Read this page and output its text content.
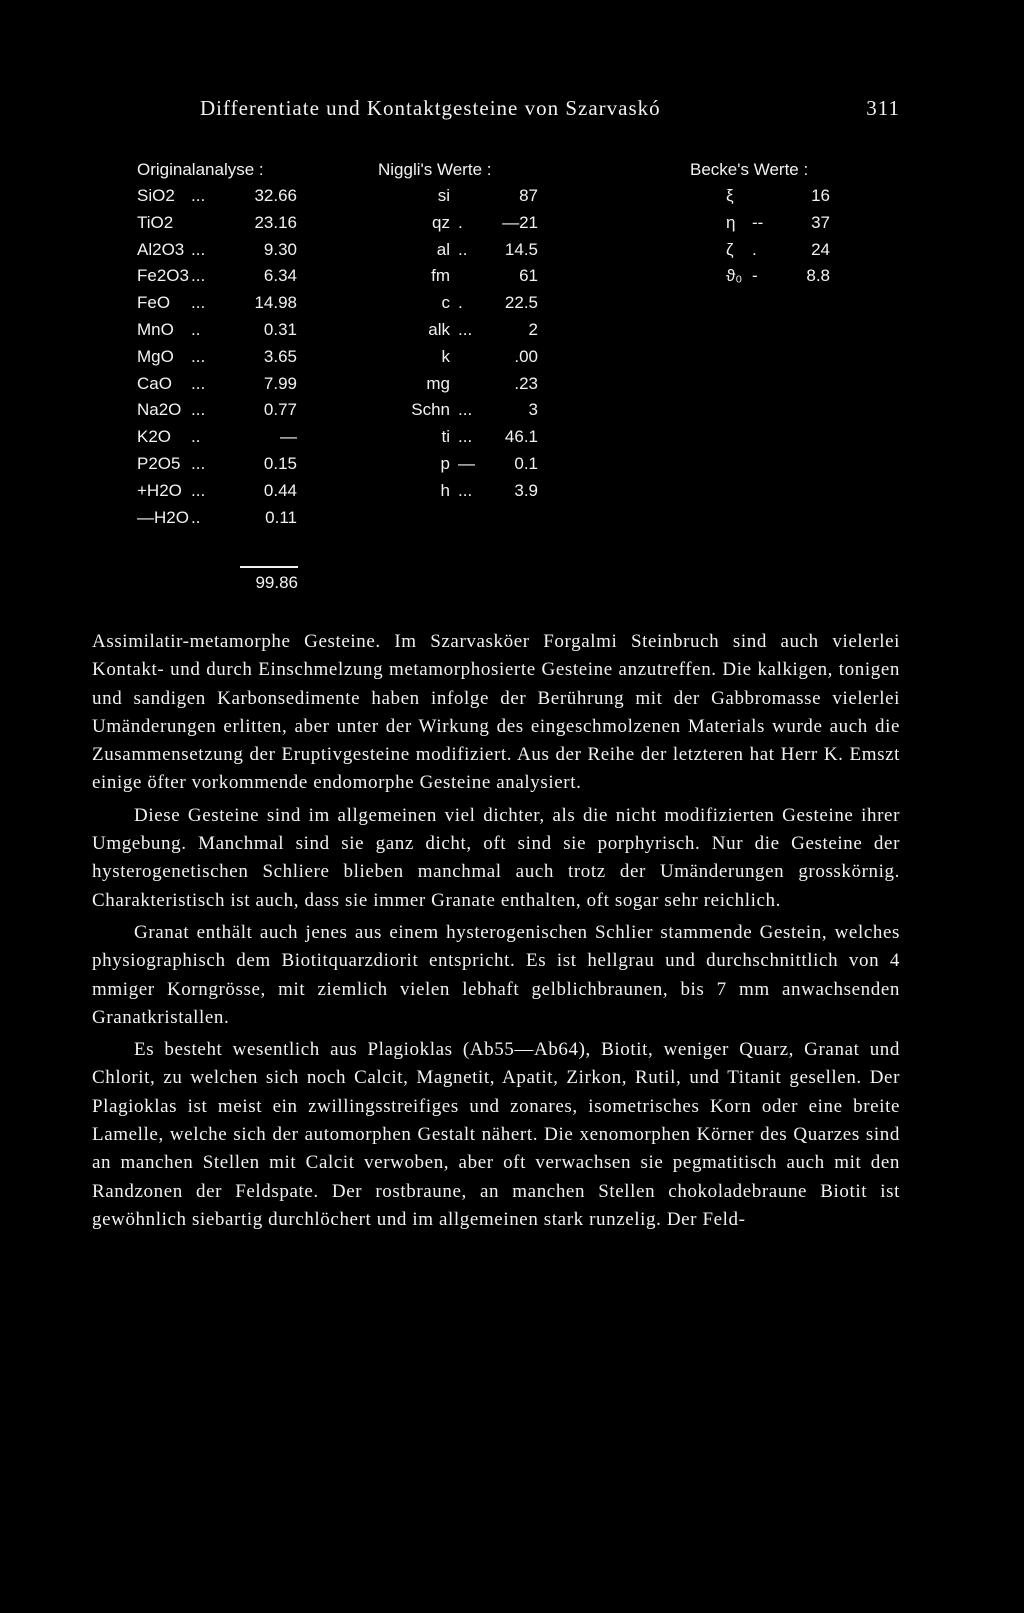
Differentiate und Kontaktgesteine von Szarvaskó	311
Originalanalyse :
SiO2 ...	32.66
TiO2	23.16
Al2O3 ...	9.30
Fe2O3 ...	6.34
FeO ...	14.98
MnO ..	0.31
MgO ...	3.65
CaO ...	7.99
Na2O ...	0.77
K2O ..	—
P2O5 ...	0.15
+H2O ...	0.44
—H2O ..	0.11
99.86
Niggli's Werte :
si	87
qz .	—21
al ..	14.5
fm	61
c .	22.5
alk ...	2
k	.00
mg	.23
Schn ...	3
ti ...	46.1
p —	0.1
h ...	3.9
Becke's Werte :
ξ	16
η --	37
ζ .	24
ϑ₀ -	8.8

Assimilatir-metamorphe Gesteine. Im Szarvasköer Forgalmi Steinbruch sind auch vielerlei Kontakt- und durch Einschmelzung metamorphosierte Gesteine anzutreffen. Die kalkigen, tonigen und sandigen Karbonsedimente haben infolge der Berührung mit der Gabbromasse vielerlei Umänderungen erlitten, aber unter der Wirkung des eingeschmolzenen Materials wurde auch die Zusammensetzung der Eruptivgesteine modifiziert. Aus der Reihe der letzteren hat Herr K. Emszt einige öfter vorkommende endomorphe Gesteine analysiert.

Diese Gesteine sind im allgemeinen viel dichter, als die nicht modifizierten Gesteine ihrer Umgebung. Manchmal sind sie ganz dicht, oft sind sie porphyrisch. Nur die Gesteine der hysterogenetischen Schliere blieben manchmal auch trotz der Umänderungen grosskörnig. Charakteristisch ist auch, dass sie immer Granate enthalten, oft sogar sehr reichlich.

Granat enthält auch jenes aus einem hysterogenischen Schlier stammende Gestein, welches physiographisch dem Biotitquarzdiorit entspricht. Es ist hellgrau und durchschnittlich von 4 mmiger Korngrösse, mit ziemlich vielen lebhaft gelblichbraunen, bis 7 mm anwachsenden Granatkristallen.

Es besteht wesentlich aus Plagioklas (Ab55—Ab64), Biotit, weniger Quarz, Granat und Chlorit, zu welchen sich noch Calcit, Magnetit, Apatit, Zirkon, Rutil, und Titanit gesellen. Der Plagioklas ist meist ein zwillingsstreifiges und zonares, isometrisches Korn oder eine breite Lamelle, welche sich der automorphen Gestalt nähert. Die xenomorphen Körner des Quarzes sind an manchen Stellen mit Calcit verwoben, aber oft verwachsen sie pegmatitisch auch mit den Randzonen der Feldspate. Der rostbraune, an manchen Stellen chokoladebraune Biotit ist gewöhnlich siebartig durchlöchert und im allgemeinen stark runzelig. Der Feld-
